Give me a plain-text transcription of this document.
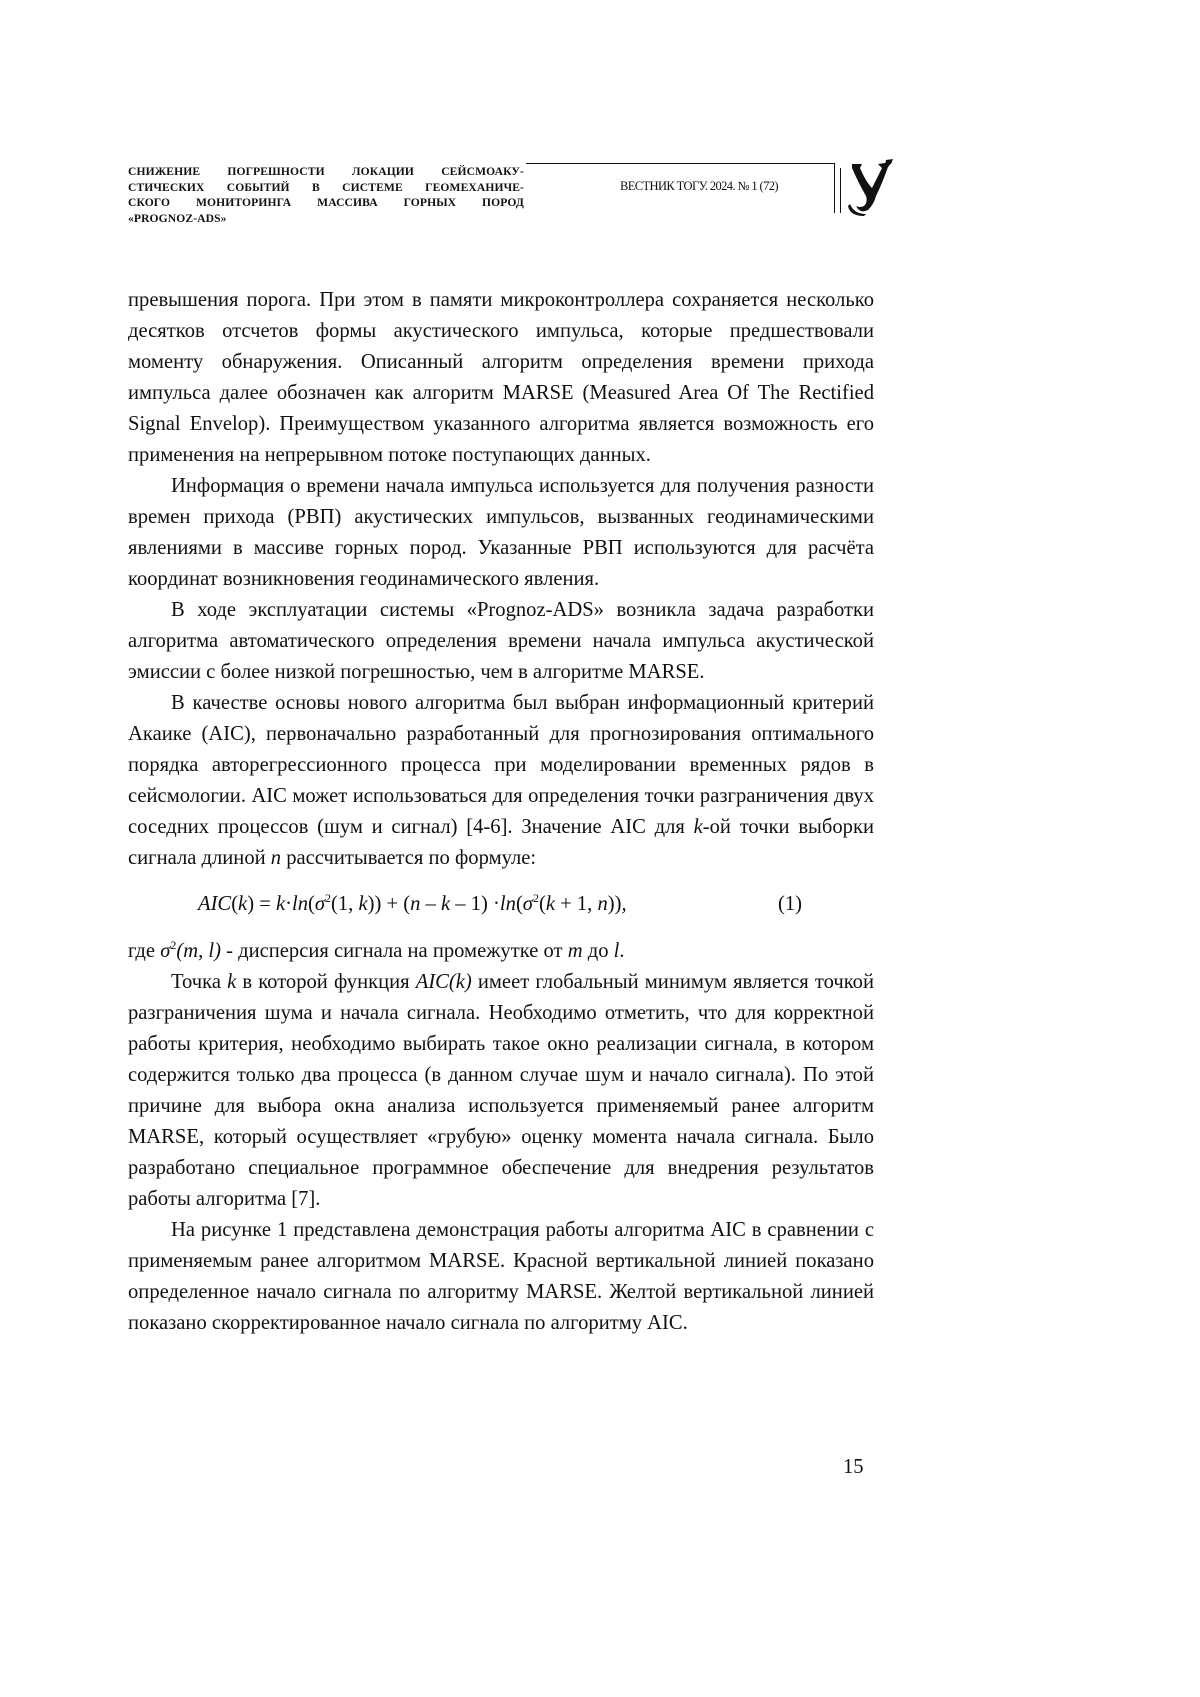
СНИЖЕНИЕ ПОГРЕШНОСТИ ЛОКАЦИИ СЕЙСМОАКУ-
СТИЧЕСКИХ СОБЫТИЙ В СИСТЕМЕ ГЕОМЕХАНИЧЕ-
СКОГО МОНИТОРИНГА МАССИВА ГОРНЫХ ПОРОД
«PROGNOZ-ADS»
ВЕСТНИК ТОГУ. 2024. № 1 (72)

превышения порога. При этом в памяти микроконтроллера сохраняется несколько десятков отсчетов формы акустического импульса, которые предшествовали моменту обнаружения. Описанный алгоритм определения времени прихода импульса далее обозначен как алгоритм MARSE (Measured Area Of The Rectified Signal Envelop). Преимуществом указанного алгоритма является возможность его применения на непрерывном потоке поступающих данных.

Информация о времени начала импульса используется для получения разности времен прихода (РВП) акустических импульсов, вызванных геодинамическими явлениями в массиве горных пород. Указанные РВП используются для расчёта координат возникновения геодинамического явления.

В ходе эксплуатации системы «Prognoz-ADS» возникла задача разработки алгоритма автоматического определения времени начала импульса акустической эмиссии с более низкой погрешностью, чем в алгоритме MARSE.

В качестве основы нового алгоритма был выбран информационный критерий Акаике (AIC), первоначально разработанный для прогнозирования оптимального порядка авторегрессионного процесса при моделировании временных рядов в сейсмологии. AIC может использоваться для определения точки разграничения двух соседних процессов (шум и сигнал) [4-6]. Значение AIC для k-ой точки выборки сигнала длиной n рассчитывается по формуле:

$AIC(k) = k\cdot\ln(\sigma^2(1$, $k)) + (n - k - 1) \cdot\ln(\sigma^2(k + 1$, n)),	(1)

где $\sigma^2(m$, l) - дисперсия сигнала на промежутке от m до l.

Точка k в которой функция AIC(k) имеет глобальный минимум является точкой разграничения шума и начала сигнала. Необходимо отметить, что для корректной работы критерия, необходимо выбирать такое окно реализации сигнала, в котором содержится только два процесса (в данном случае шум и начало сигнала). По этой причине для выбора окна анализа используется применяемый ранее алгоритм MARSE, который осуществляет «грубую» оценку момента начала сигнала. Было разработано специальное программное обеспечение для внедрения результатов работы алгоритма [7].

На рисунке 1 представлена демонстрация работы алгоритма AIC в сравнении с применяемым ранее алгоритмом MARSE. Красной вертикальной линией показано определенное начало сигнала по алгоритму MARSE. Желтой вертикальной линией показано скорректированное начало сигнала по алгоритму AIC.

15
